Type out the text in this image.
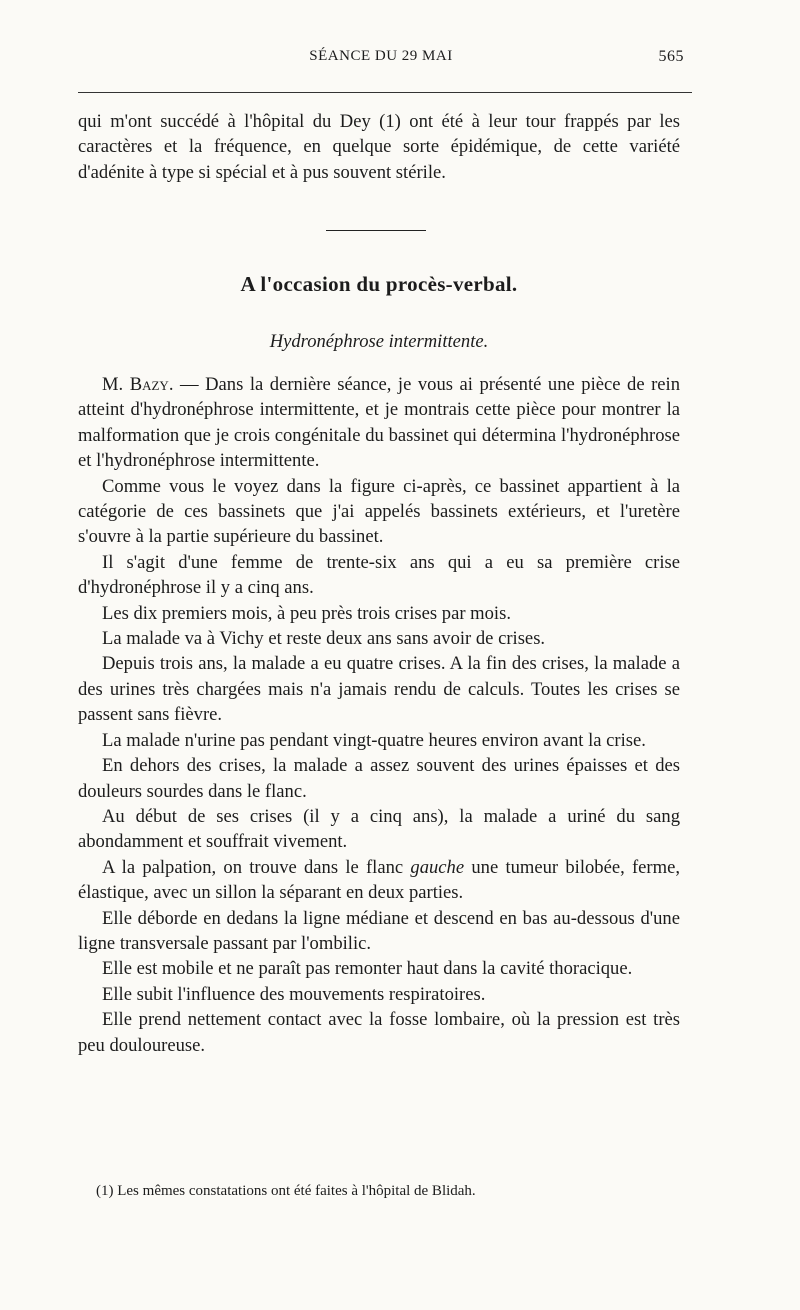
SÉANCE DU 29 MAI	565

qui m'ont succédé à l'hôpital du Dey (1) ont été à leur tour frappés par les caractères et la fréquence, en quelque sorte épidémique, de cette variété d'adénite à type si spécial et à pus souvent stérile.

A l'occasion du procès-verbal.
Hydronéphrose intermittente.

M. Bazy. — Dans la dernière séance, je vous ai présenté une pièce de rein atteint d'hydronéphrose intermittente, et je montrais cette pièce pour montrer la malformation que je crois congénitale du bassinet qui détermina l'hydronéphrose et l'hydronéphrose intermittente.

Comme vous le voyez dans la figure ci-après, ce bassinet appartient à la catégorie de ces bassinets que j'ai appelés bassinets extérieurs, et l'uretère s'ouvre à la partie supérieure du bassinet.

Il s'agit d'une femme de trente-six ans qui a eu sa première crise d'hydronéphrose il y a cinq ans.

Les dix premiers mois, à peu près trois crises par mois.

La malade va à Vichy et reste deux ans sans avoir de crises.

Depuis trois ans, la malade a eu quatre crises. A la fin des crises, la malade a des urines très chargées mais n'a jamais rendu de calculs. Toutes les crises se passent sans fièvre.

La malade n'urine pas pendant vingt-quatre heures environ avant la crise.

En dehors des crises, la malade a assez souvent des urines épaisses et des douleurs sourdes dans le flanc.

Au début de ses crises (il y a cinq ans), la malade a uriné du sang abondamment et souffrait vivement.

A la palpation, on trouve dans le flanc gauche une tumeur bilobée, ferme, élastique, avec un sillon la séparant en deux parties.

Elle déborde en dedans la ligne médiane et descend en bas au-dessous d'une ligne transversale passant par l'ombilic.

Elle est mobile et ne paraît pas remonter haut dans la cavité thoracique.

Elle subit l'influence des mouvements respiratoires.

Elle prend nettement contact avec la fosse lombaire, où la pression est très peu douloureuse.

(1) Les mêmes constatations ont été faites à l'hôpital de Blidah.
